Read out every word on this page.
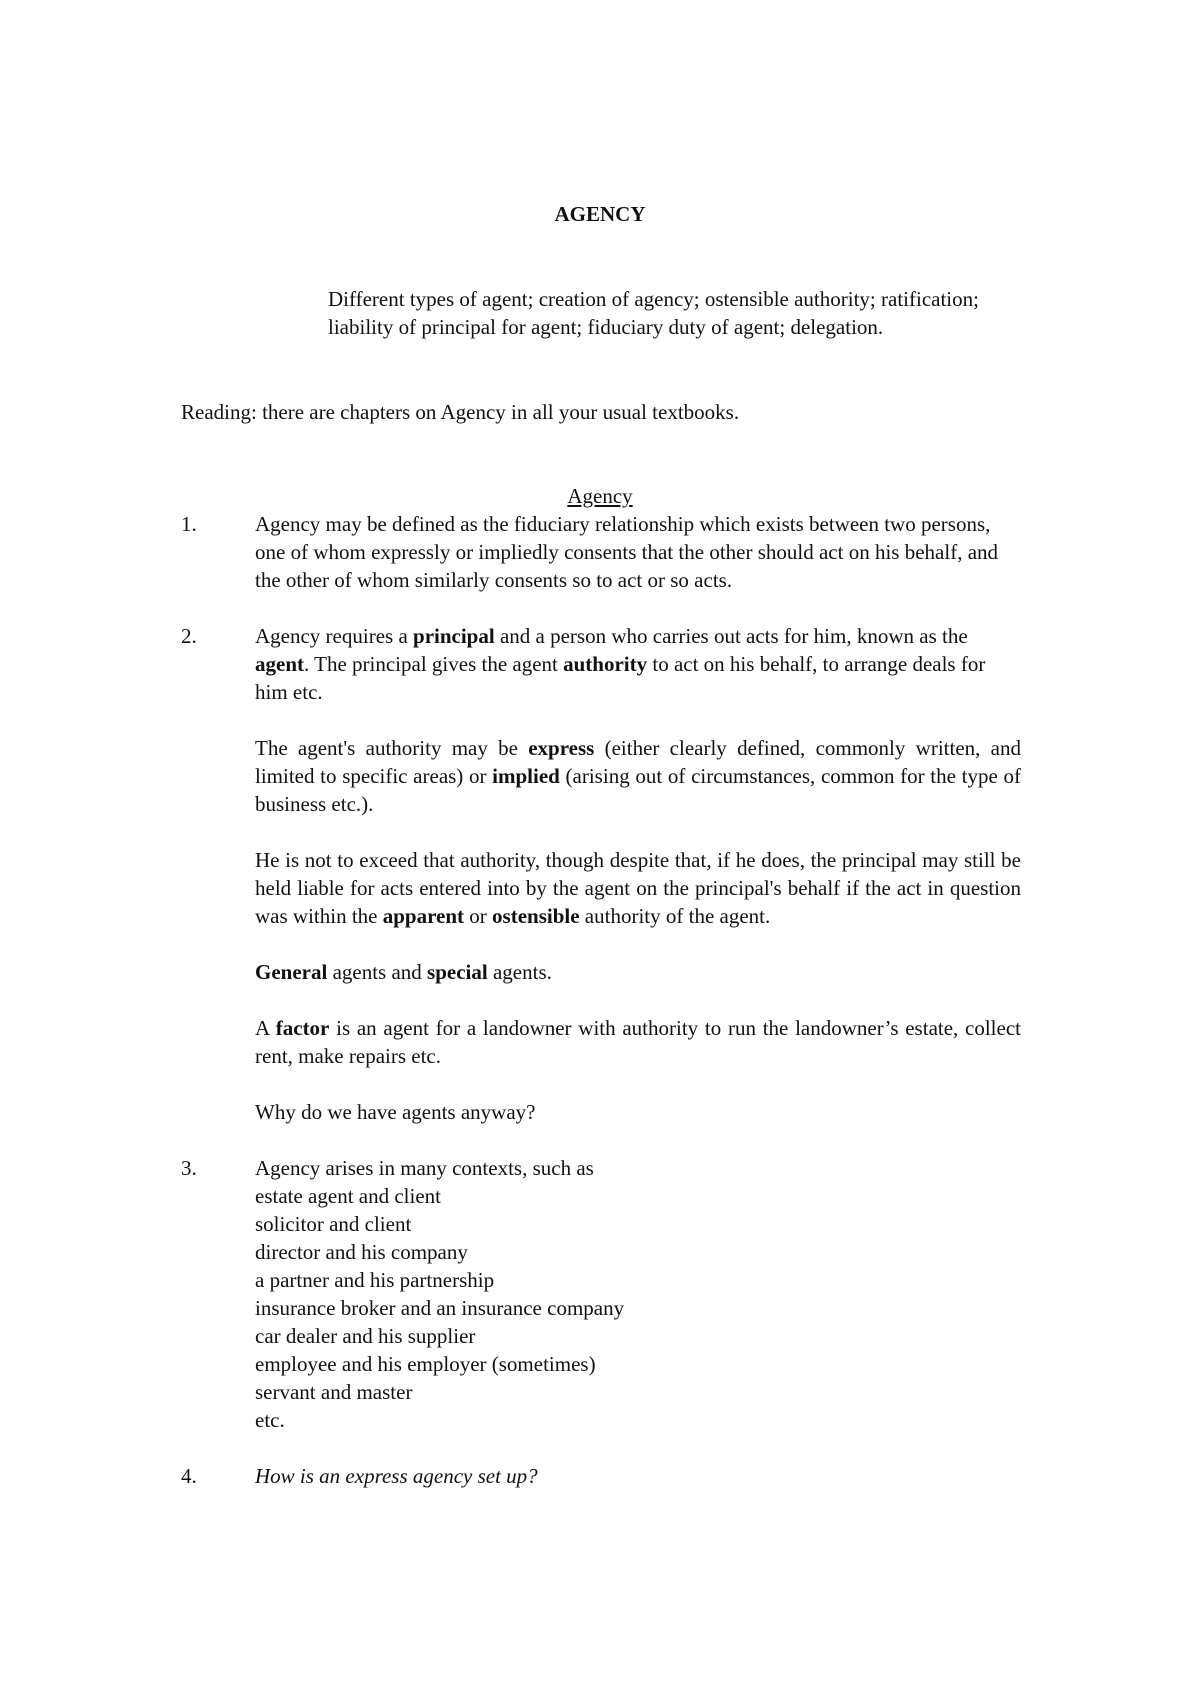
AGENCY
Different types of agent; creation of agency; ostensible authority; ratification; liability of principal for agent; fiduciary duty of agent; delegation.
Reading: there are chapters on Agency in all your usual textbooks.
Agency
1.	Agency may be defined as the fiduciary relationship which exists between two persons, one of whom expressly or impliedly consents that the other should act on his behalf, and the other of whom similarly consents so to act or so acts.

2.	Agency requires a principal and a person who carries out acts for him, known as the agent. The principal gives the agent authority to act on his behalf, to arrange deals for him etc.

The agent's authority may be express (either clearly defined, commonly written, and limited to specific areas) or implied (arising out of circumstances, common for the type of business etc.).

He is not to exceed that authority, though despite that, if he does, the principal may still be held liable for acts entered into by the agent on the principal's behalf if the act in question was within the apparent or ostensible authority of the agent.

General agents and special agents.

A factor is an agent for a landowner with authority to run the landowner’s estate, collect rent, make repairs etc.

Why do we have agents anyway?

3.	Agency arises in many contexts, such as
estate agent and client
solicitor and client
director and his company
a partner and his partnership
insurance broker and an insurance company
car dealer and his supplier
employee and his employer (sometimes)
servant and master
etc.
4.	How is an express agency set up?
